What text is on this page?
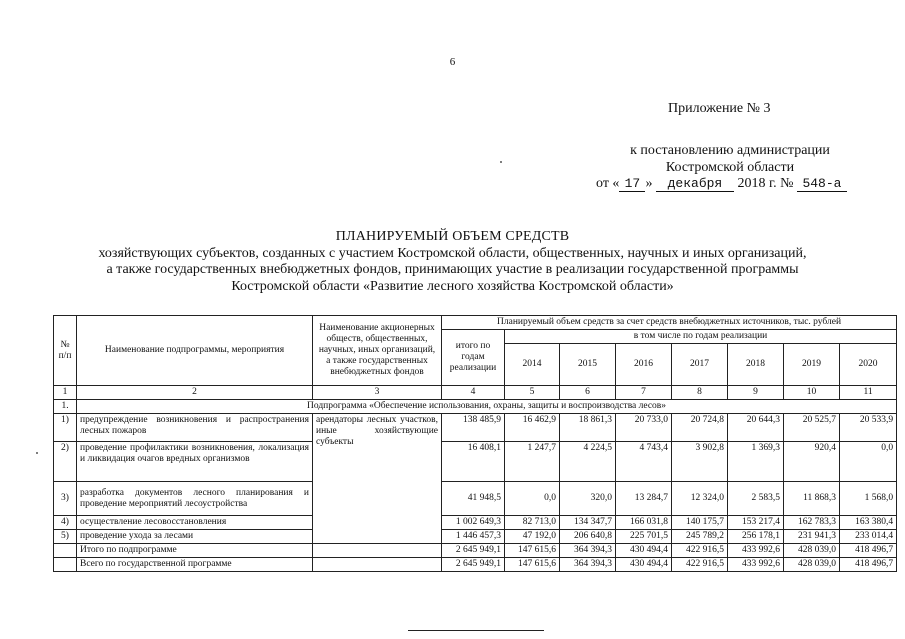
6
Приложение № 3
к постановлению администрации
Костромской области
от « 17 » декабря 2018 г. № 548-а
ПЛАНИРУЕМЫЙ ОБЪЕМ СРЕДСТВ
хозяйствующих субъектов, созданных с участием Костромской области, общественных, научных и иных организаций,
а также государственных внебюджетных фондов, принимающих участие в реализации государственной программы
Костромской области «Развитие лесного хозяйства Костромской области»
№ п/п	Наименование подпрограммы, мероприятия	Наименование акционерных обществ, общественных, научных, иных организаций, а также государственных внебюджетных фондов	Планируемый объем средств за счет средств внебюджетных источников, тыс. рублей							
			итого по годам реализации	в том числе по годам реализации						
				2014	2015	2016	2017	2018	2019	2020
1	2	3	4	5	6	7	8	9	10	11
1.	Подпрограмма «Обеспечение использования, охраны, защиты и воспроизводства лесов»									
1)	предупреждение возникновения и распространения лесных пожаров	арендаторы лесных участков, иные хозяйствующие субъекты	138 485,9	16 462,9	18 861,3	20 733,0	20 724,8	20 644,3	20 525,7	20 533,9
2)	проведение профилактики возникновения, локализация и ликвидация очагов вредных организмов		16 408,1	1 247,7	4 224,5	4 743,4	3 902,8	1 369,3	920,4	0,0
3)	разработка документов лесного планирования и проведение мероприятий лесоустройства		41 948,5	0,0	320,0	13 284,7	12 324,0	2 583,5	11 868,3	1 568,0
4)	осуществление лесовосстановления		1 002 649,3	82 713,0	134 347,7	166 031,8	140 175,7	153 217,4	162 783,3	163 380,4
5)	проведение ухода за лесами		1 446 457,3	47 192,0	206 640,8	225 701,5	245 789,2	256 178,1	231 941,3	233 014,4
	Итого по подпрограмме		2 645 949,1	147 615,6	364 394,3	430 494,4	422 916,5	433 992,6	428 039,0	418 496,7
	Всего по государственной программе		2 645 949,1	147 615,6	364 394,3	430 494,4	422 916,5	433 992,6	428 039,0	418 496,7
